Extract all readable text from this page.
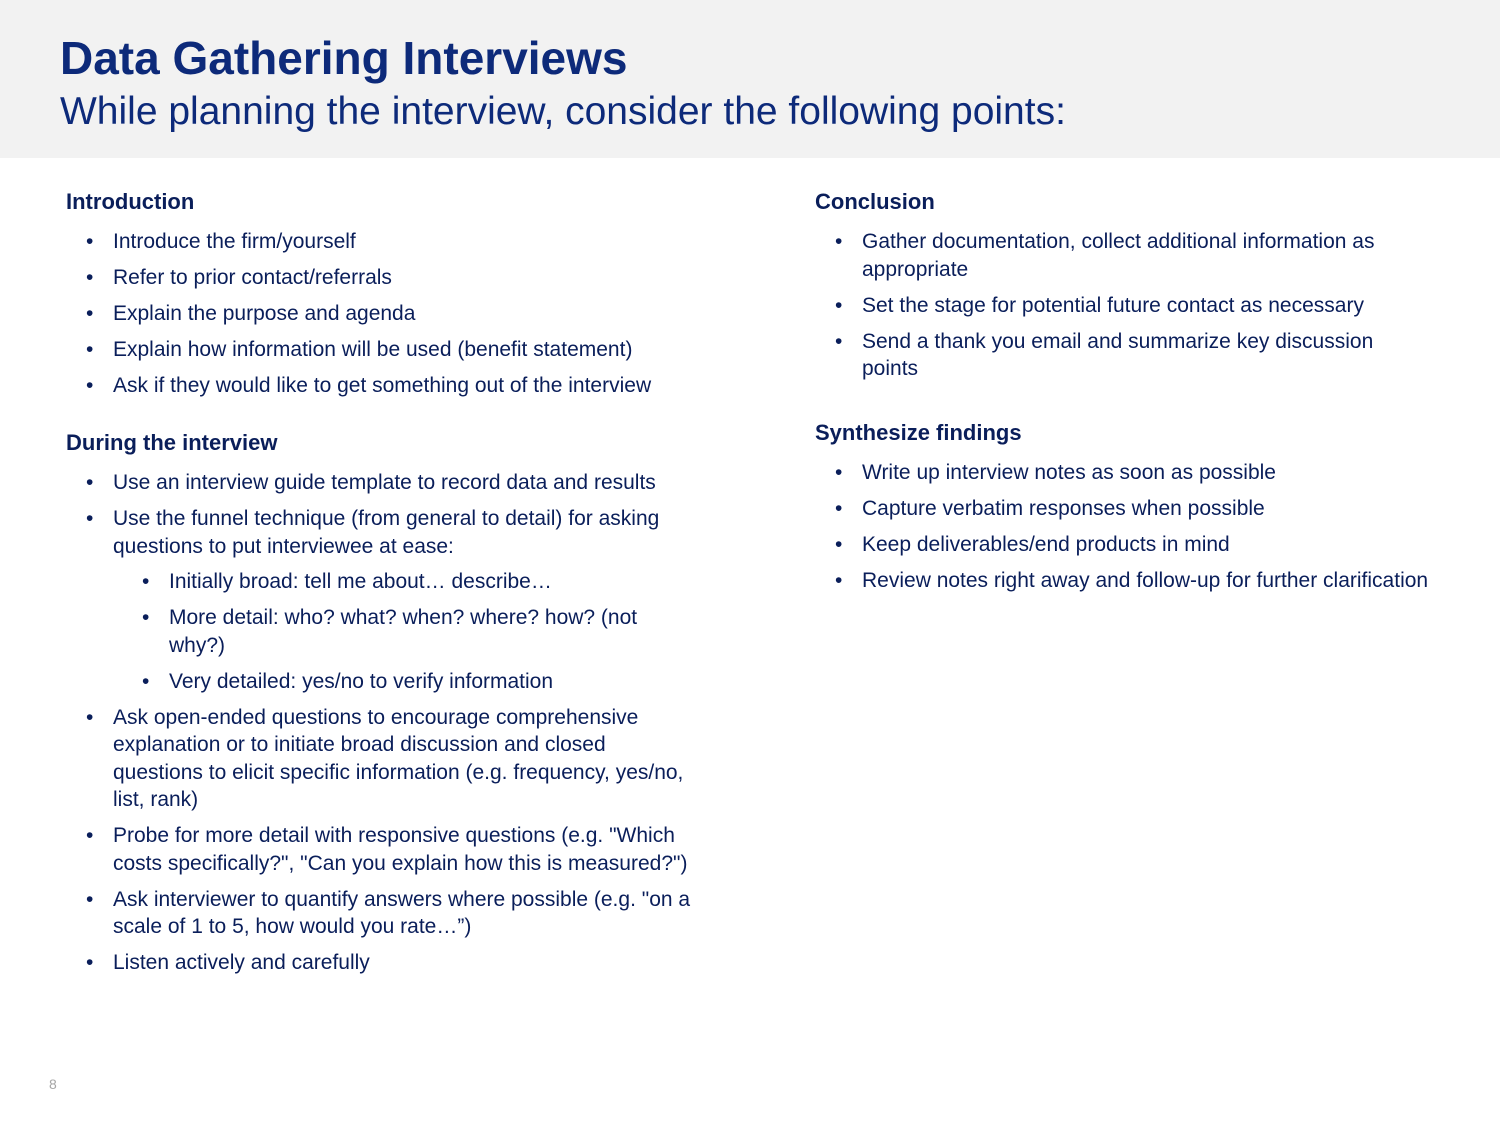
Data Gathering Interviews
While planning the interview, consider the following points:
Introduction
• Introduce the firm/yourself
• Refer to prior contact/referrals
• Explain the purpose and agenda
• Explain how information will be used (benefit statement)
• Ask if they would like to get something out of the interview
During the interview
• Use an interview guide template to record data and results
• Use the funnel technique (from general to detail) for asking questions to put interviewee at ease:
• Initially broad: tell me about… describe…
• More detail: who? what? when? where? how? (not why?)
• Very detailed: yes/no to verify information
• Ask open-ended questions to encourage comprehensive explanation or to initiate broad discussion and closed questions to elicit specific information (e.g. frequency, yes/no, list, rank)
• Probe for more detail with responsive questions (e.g. "Which costs specifically?", "Can you explain how this is measured?")
• Ask interviewer to quantify answers where possible (e.g. "on a scale of 1 to 5, how would you rate…”)
• Listen actively and carefully
Conclusion
• Gather documentation, collect additional information as appropriate
• Set the stage for potential future contact as necessary
• Send a thank you email and summarize key discussion points
Synthesize findings
• Write up interview notes as soon as possible
• Capture verbatim responses when possible
• Keep deliverables/end products in mind
• Review notes right away and follow-up for further clarification
8
